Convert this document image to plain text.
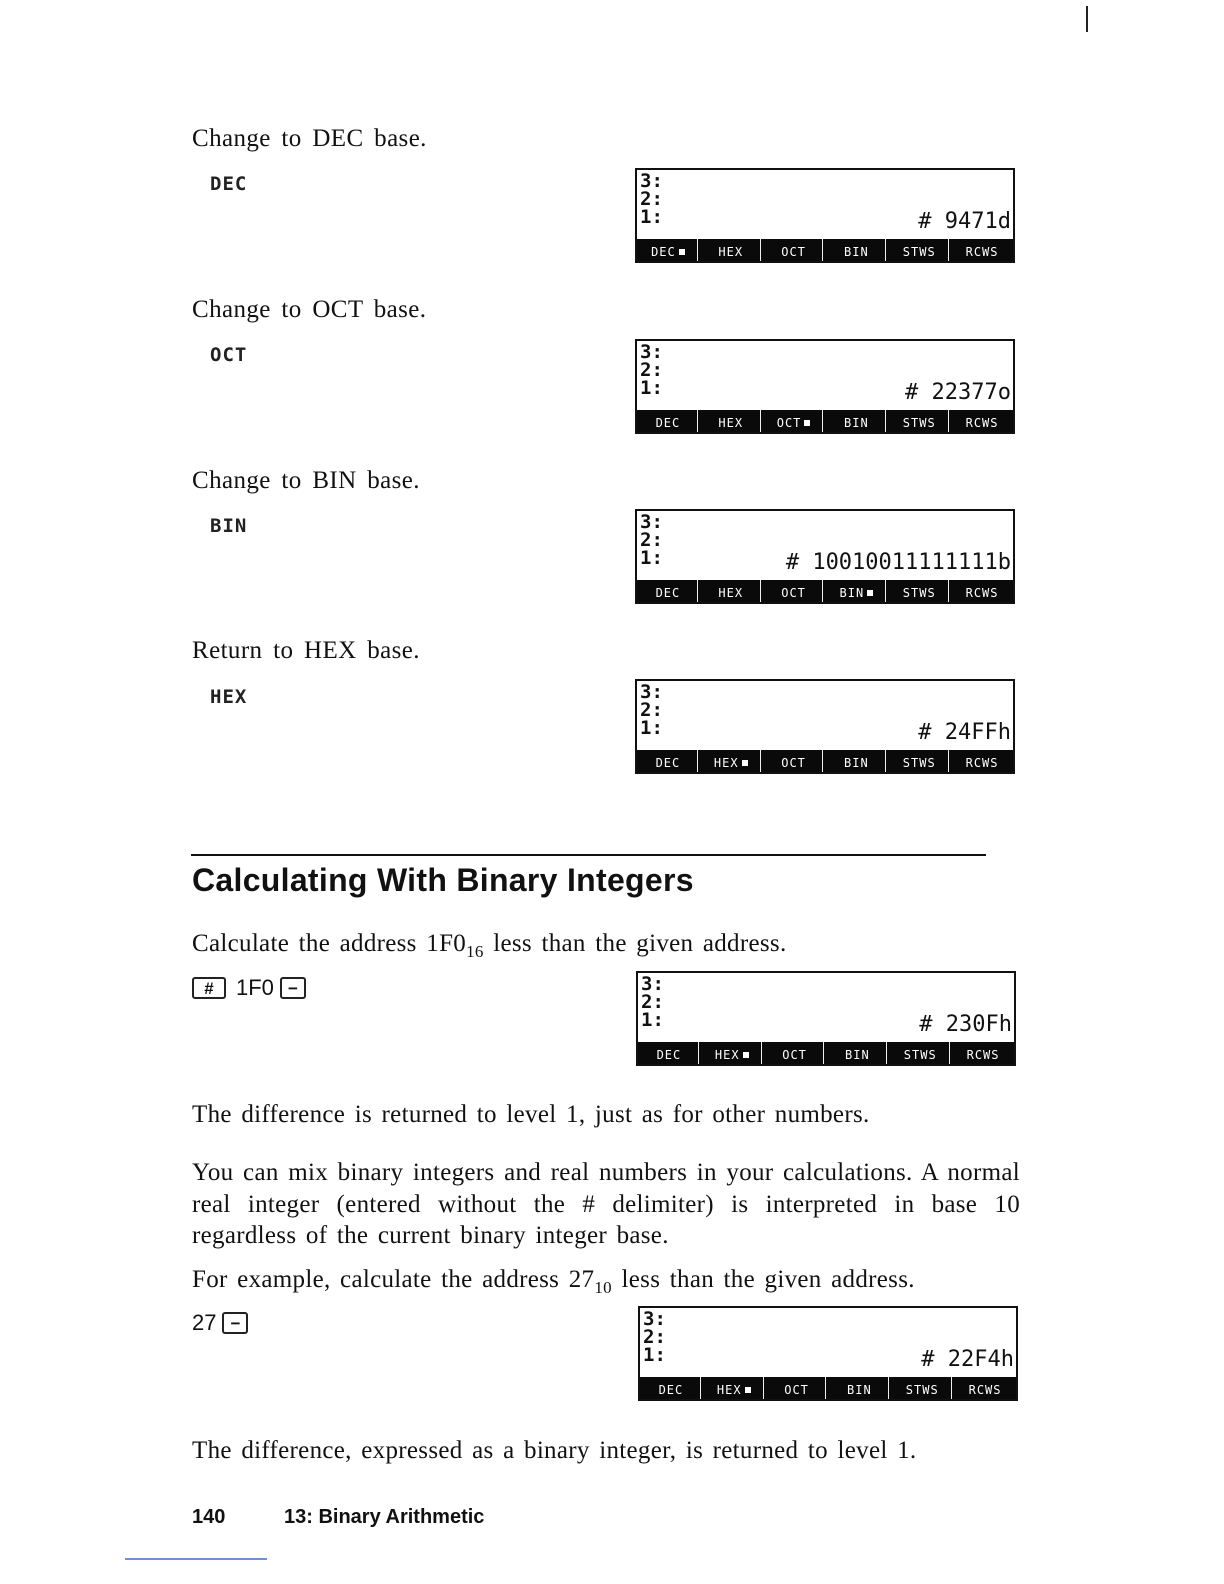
Change to DEC base.
DEC	3:
2:
1:	# 9471d
DEC	HEX	OCT	BIN	STWS RCWS
Change to OCT base.
OCT	3:
2:
1:	# 22377o
DEC	HEX	OCT	BIN	STWS RCWS
Change to BIN base.
BIN	3:
2:
1:	# 10010011111111b
DEC	HEX	OCT	BIN	STWS RCWS
Return to HEX base.
HEX	3:
2:
1:	# 24FFh
DEC	HEX	OCT	BIN	STWS RCWS
Calculating With Binary Integers
Calculate the address $1F0_{16}$ less than the given address.
#	1F0 −	3:
2:
1:	# 230Fh
DEC	HEX	OCT	BIN	STWS RCWS
The difference is returned to level 1, just as for other numbers.
You can mix binary integers and real numbers in your calculations. A normal real integer (entered without the # delimiter) is interpreted in base 10 regardless of the current binary integer base.
For example, calculate the address $27_{10}$ less than the given address.
27 −	3:
2:
1:	# 22F4h
DEC	HEX	OCT	BIN	STWS RCWS
The difference, expressed as a binary integer, is returned to level 1.
140	13: Binary Arithmetic
